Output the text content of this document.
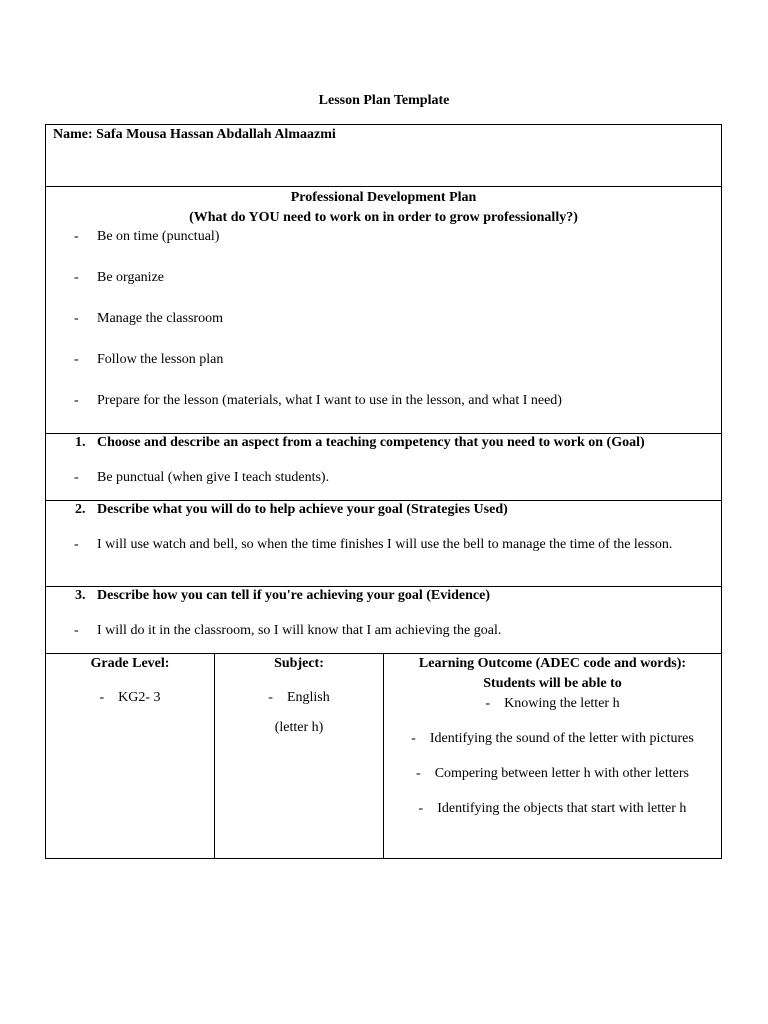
Lesson Plan Template
Name: Safa Mousa Hassan Abdallah Almaazmi
Professional Development Plan
(What do YOU need to work on in order to grow professionally?)
- Be on time (punctual)
- Be organize
- Manage the classroom
- Follow the lesson plan
- Prepare for the lesson (materials, what I want to use in the lesson, and what I need)
1. Choose and describe an aspect from a teaching competency that you need to work on (Goal)
- Be punctual (when give I teach students).
2. Describe what you will do to help achieve your goal (Strategies Used)
- I will use watch and bell, so when the time finishes I will use the bell to manage the time of the lesson.
3. Describe how you can tell if you're achieving your goal (Evidence)
- I will do it in the classroom, so I will know that I am achieving the goal.
Grade Level:
- KG2- 3
Subject:
- English
(letter h)
Learning Outcome (ADEC code and words):
Students will be able to
- Knowing the letter h
- Identifying the sound of the letter with pictures
- Compering between letter h with other letters
- Identifying the objects that start with letter h
